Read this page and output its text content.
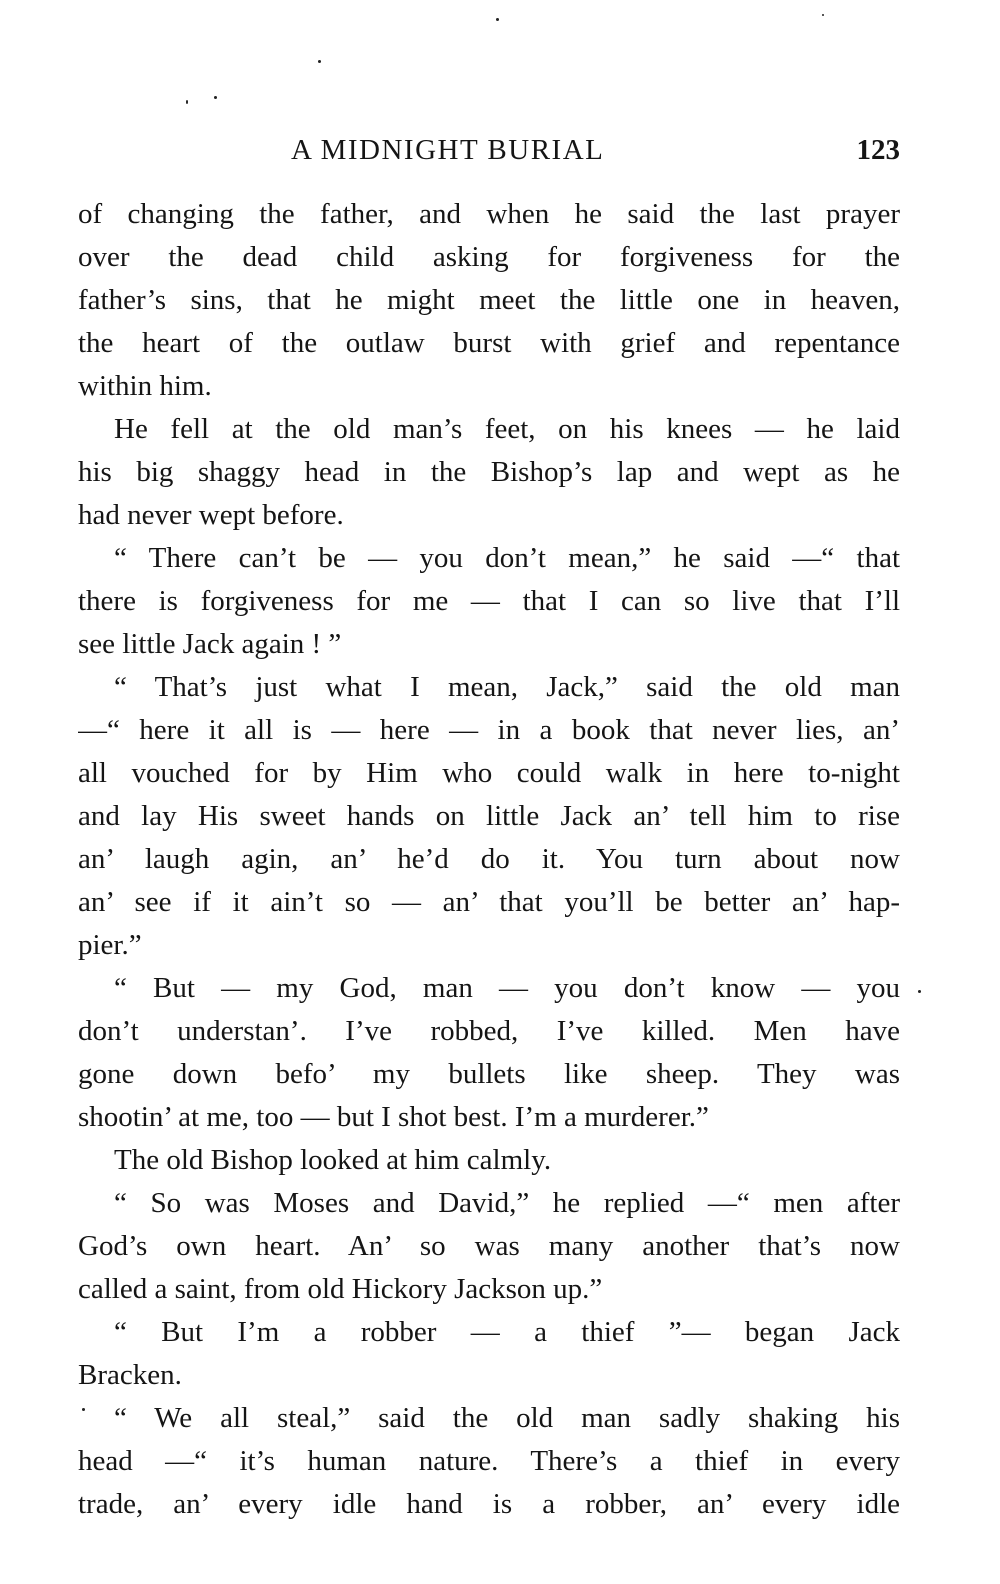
A MIDNIGHT BURIAL	123
of changing the father, and when he said the last prayer
over the dead child asking for forgiveness for the
father’s sins, that he might meet the little one in heaven,
the heart of the outlaw burst with grief and repentance
within him.
He fell at the old man’s feet, on his knees — he laid
his big shaggy head in the Bishop’s lap and wept as he
had never wept before.
“ There can’t be — you don’t mean,” he said —“ that
there is forgiveness for me — that I can so live that I’ll
see little Jack again ! ”
“ That’s just what I mean, Jack,” said the old man
—“ here it all is — here — in a book that never lies, an’
all vouched for by Him who could walk in here to-night
and lay His sweet hands on little Jack an’ tell him to rise
an’ laugh agin, an’ he’d do it. You turn about now
an’ see if it ain’t so — an’ that you’ll be better an’ hap-
pier.”
“ But — my God, man — you don’t know — you
don’t understan’. I’ve robbed, I’ve killed. Men have
gone down befo’ my bullets like sheep. They was
shootin’ at me, too — but I shot best. I’m a murderer.”
The old Bishop looked at him calmly.
“ So was Moses and David,” he replied —“ men after
God’s own heart. An’ so was many another that’s now
called a saint, from old Hickory Jackson up.”
“ But I’m a robber — a thief ”— began Jack
Bracken.
“ We all steal,” said the old man sadly shaking his
head —“ it’s human nature. There’s a thief in every
trade, an’ every idle hand is a robber, an’ every idle
